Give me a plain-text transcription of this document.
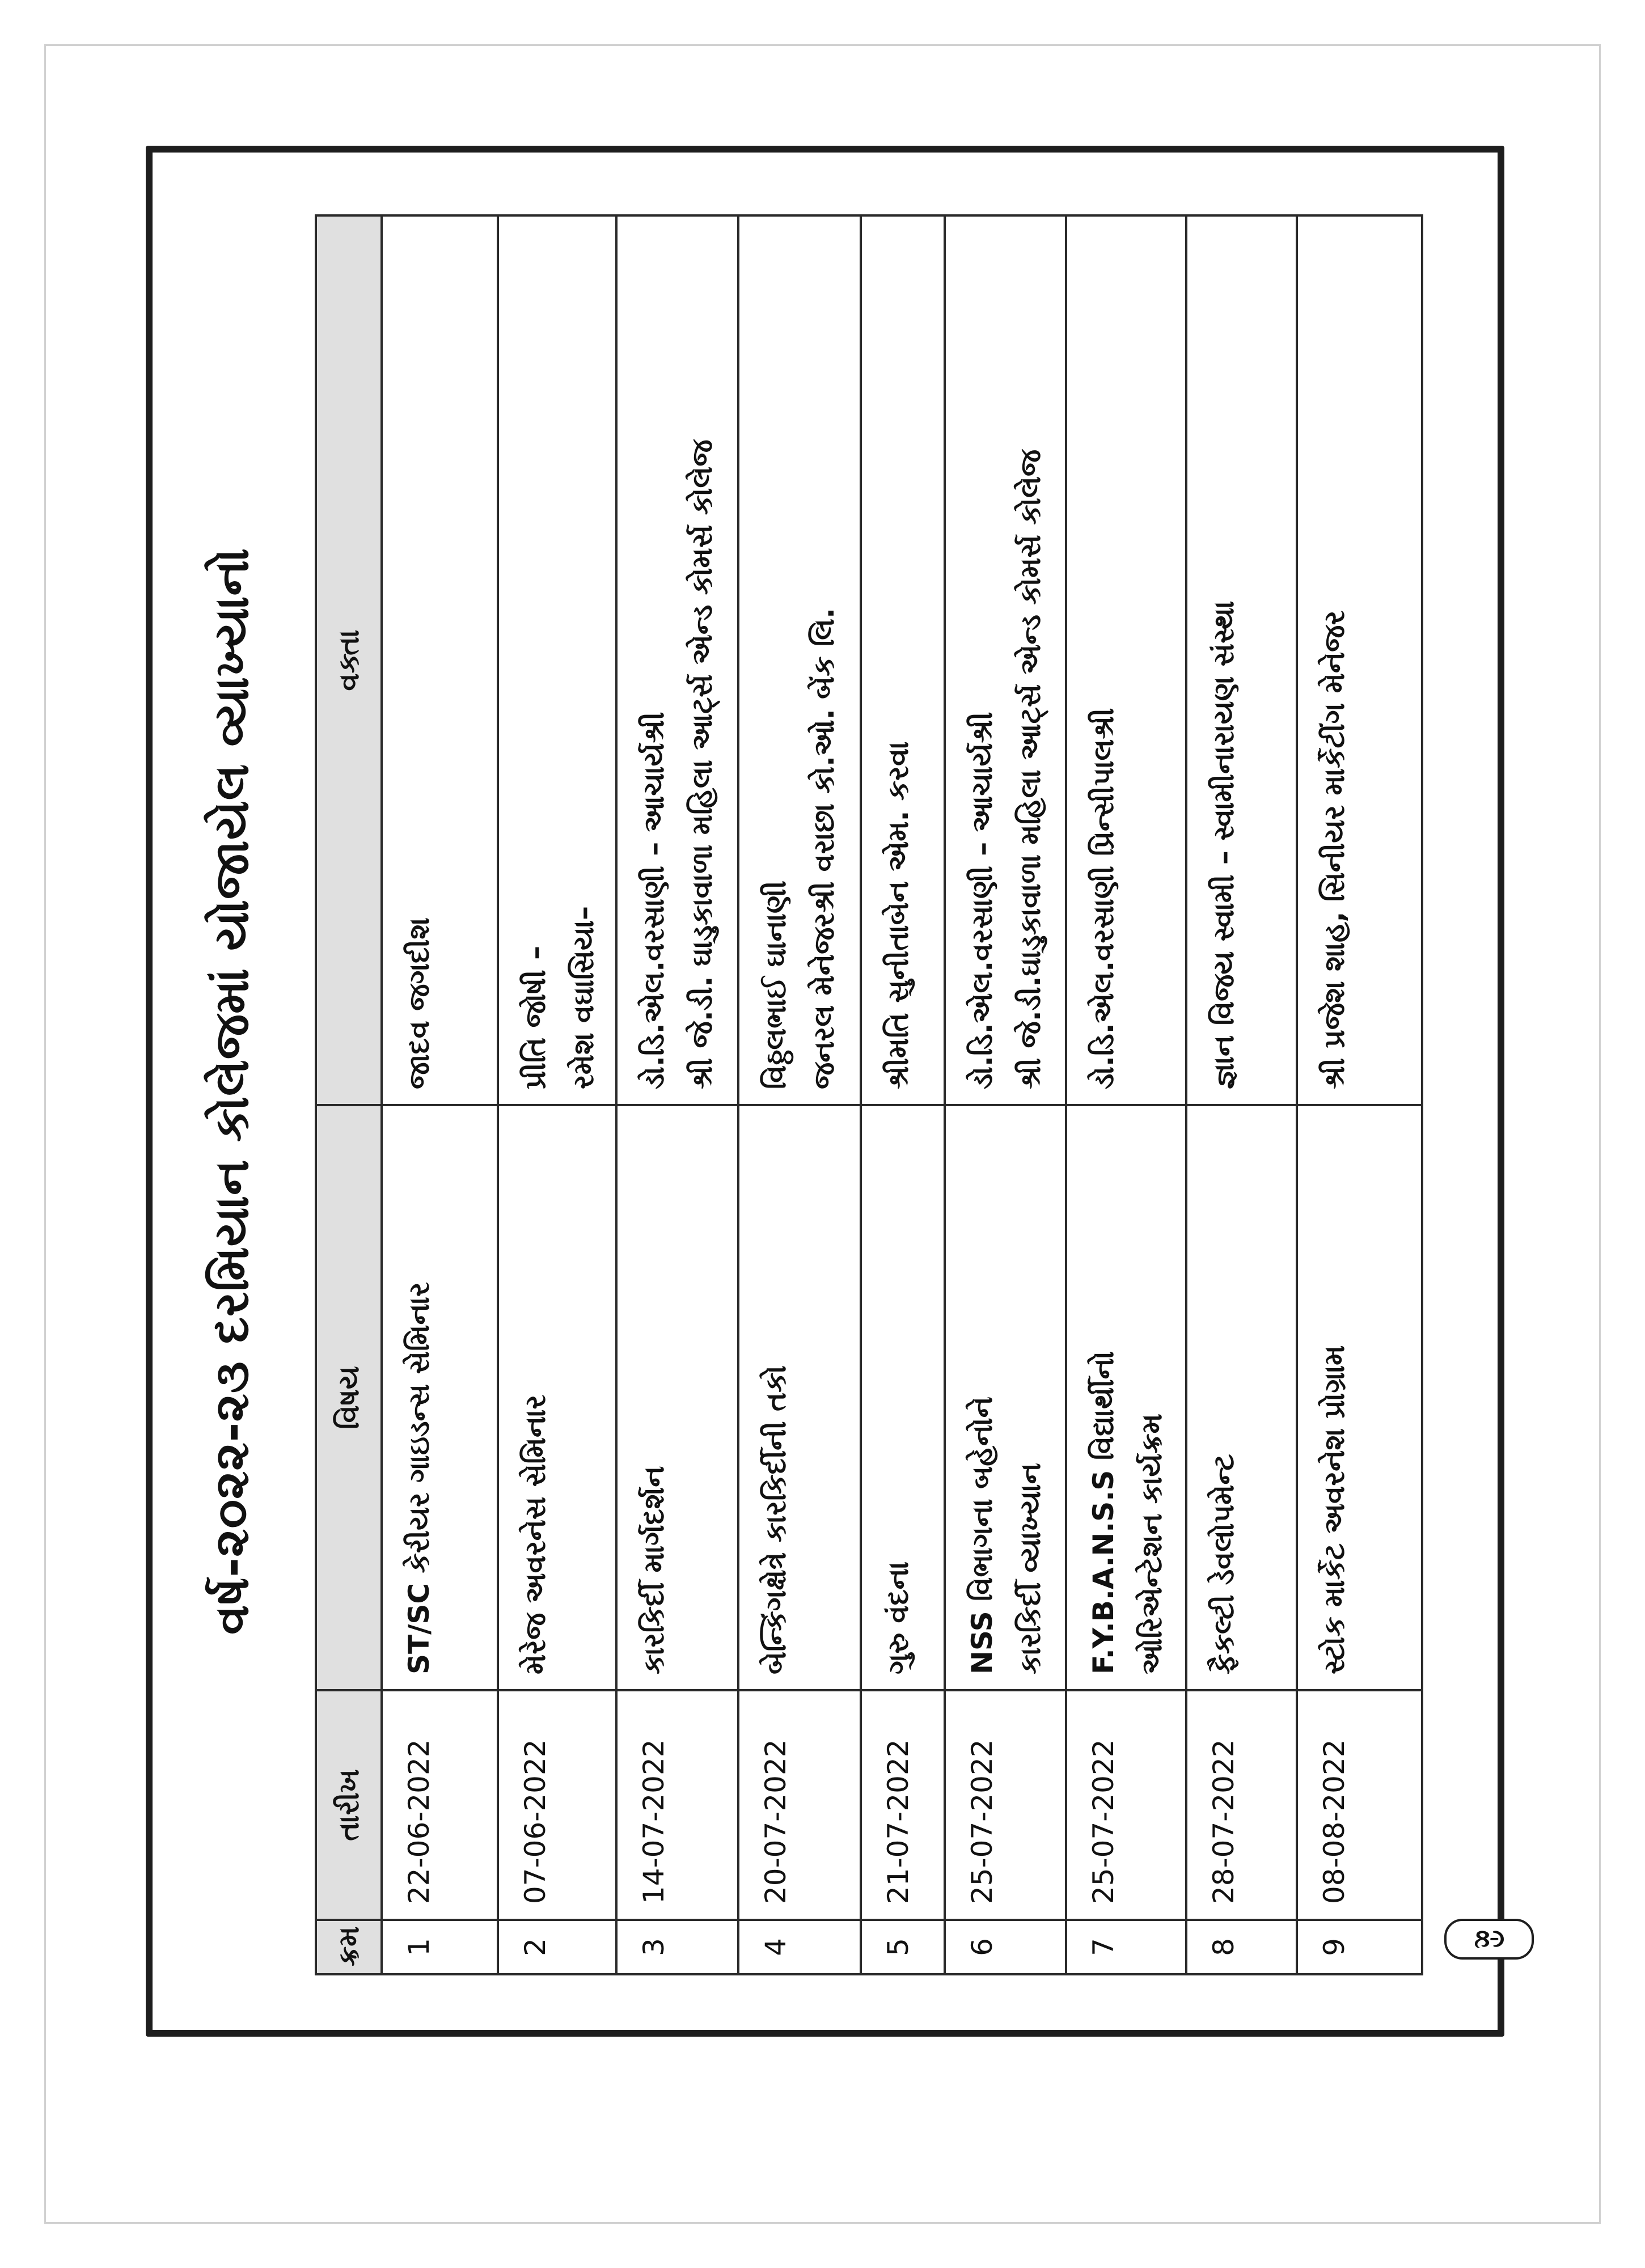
વર્ષ-૨૦૨૨-૨૩ દરમિયાન કોલેજમાં યોજાયેલ વ્યાખ્યાનો
ક્રમ	તારીખ	વિષય	વક્તા
1	22-06-2022	ST/SC કેરીયર ગાઇડન્સ સેમિનાર	જાદવ જગદીશ

2	07-06-2022	મેરેજ અવરનેસ સેમિનાર	પ્રીતિ જોષી – રમેશ વઘાસિયા–

3	14-07-2022	કારકિર્દી માર્ગદર્શન	ડો.ડિ.એલ.વરસાણી – આચાર્યશ્રી શ્રી જે.ડી. ઘાડુકાવાળા મહિલા આર્ટ્સ એન્ડ કોમર્સ કોલેજ

4	20-07-2022	બેન્કિંગક્ષેત્રે કારકિર્દીની તકો	વિઠ્ઠલભાઈ ઘાનાણી જનરલ મેનેજરશ્રી વરાછા કો.ઓ. બેંક લિ.

5	21-07-2022	ગુરુ વંદના	શ્રીમતિ સુનીતાબેન એમ. કરવા

6	25-07-2022	NSS વિભાગના બહેનોને કારકિર્દી વ્યાખ્યાન	ડો.ડિ.એલ.વરસાણી – આચાર્યશ્રી શ્રી જે.ડી.ઘાડુકાવાળા મહિલા આર્ટ્સ એન્ડ કોમર્સ કોલેજ

7	25-07-2022	F.Y.B.A.N.S.S વિદ્યાર્થીનો ઓરિએન્ટેશન કાર્યક્રમ	ડો.ડિ.એલ.વરસાણી પ્રિન્સીપાલશ્રી

8	28-07-2022	ફૈકલ્ટી ડેવલોપમેન્ટ	જ્ઞાન વિજય સ્વામી – સ્વામીનારાયણ સંસ્થા

9	08-08-2022	સ્ટોક માર્કેટ અવરનેશ પ્રોગ્રામ	શ્રી પ્રજેશ શાહ, સિનીયર માર્કેટીંગ મેનેજર
૯૪
